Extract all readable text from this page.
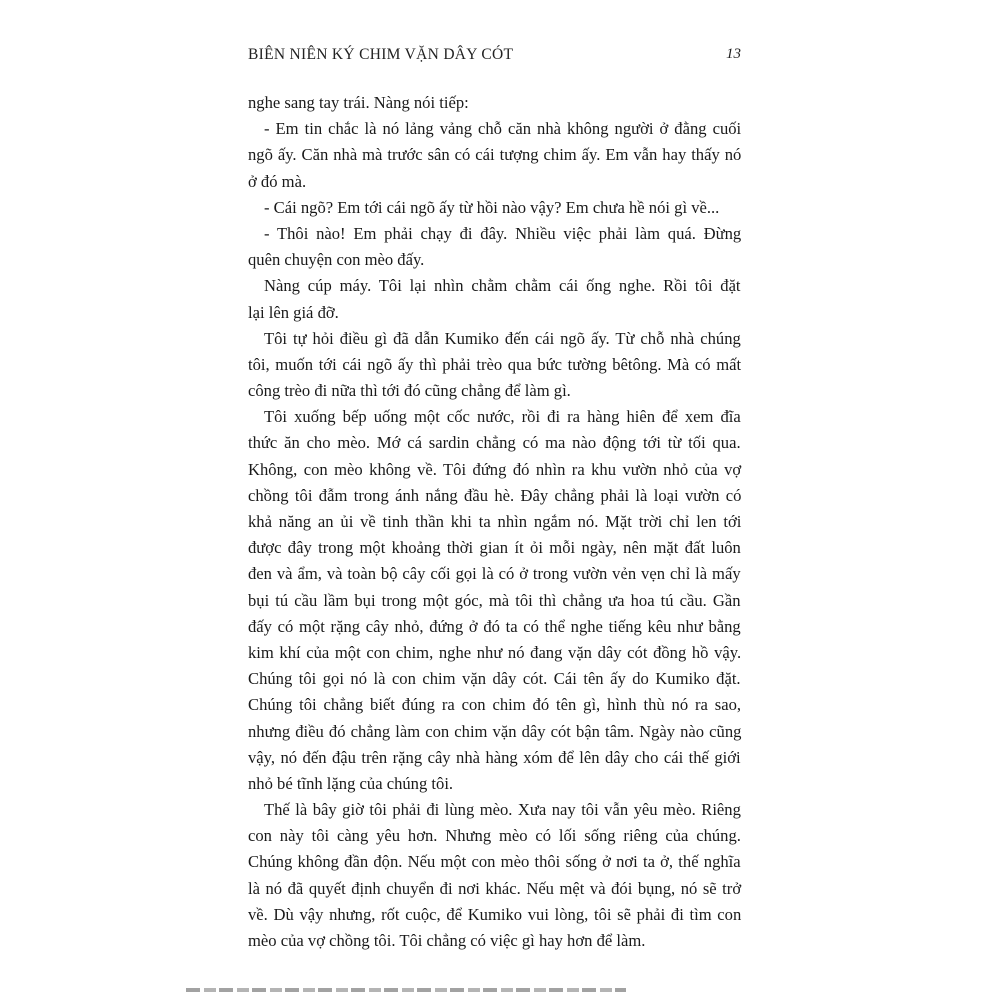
BIÊN NIÊN KÝ CHIM VẶN DÂY CÓT	13
nghe sang tay trái. Nàng nói tiếp:
- Em tin chắc là nó lảng vảng chỗ căn nhà không người ở đằng cuối
ngõ ấy. Căn nhà mà trước sân có cái tượng chim ấy. Em vẫn hay thấy nó
ở đó mà.
- Cái ngõ? Em tới cái ngõ ấy từ hồi nào vậy? Em chưa hề nói gì về...
- Thôi nào! Em phải chạy đi đây. Nhiều việc phải làm quá. Đừng
quên chuyện con mèo đấy.
Nàng cúp máy. Tôi lại nhìn chằm chằm cái ống nghe. Rồi tôi đặt
lại lên giá đỡ.
Tôi tự hỏi điều gì đã dẫn Kumiko đến cái ngõ ấy. Từ chỗ nhà chúng
tôi, muốn tới cái ngõ ấy thì phải trèo qua bức tường bêtông. Mà có mất
công trèo đi nữa thì tới đó cũng chẳng để làm gì.
Tôi xuống bếp uống một cốc nước, rồi đi ra hàng hiên để xem đĩa
thức ăn cho mèo. Mớ cá sardin chẳng có ma nào động tới từ tối qua.
Không, con mèo không về. Tôi đứng đó nhìn ra khu vườn nhỏ của vợ
chồng tôi đẫm trong ánh nắng đầu hè. Đây chẳng phải là loại vườn có
khả năng an ủi về tinh thần khi ta nhìn ngắm nó. Mặt trời chỉ len tới
được đây trong một khoảng thời gian ít ỏi mỗi ngày, nên mặt đất luôn
đen và ẩm, và toàn bộ cây cối gọi là có ở trong vườn vẻn vẹn chỉ là mấy
bụi tú cầu lầm bụi trong một góc, mà tôi thì chẳng ưa hoa tú cầu. Gần
đấy có một rặng cây nhỏ, đứng ở đó ta có thể nghe tiếng kêu như bằng
kim khí của một con chim, nghe như nó đang vặn dây cót đồng hồ vậy.
Chúng tôi gọi nó là con chim vặn dây cót. Cái tên ấy do Kumiko đặt.
Chúng tôi chẳng biết đúng ra con chim đó tên gì, hình thù nó ra sao,
nhưng điều đó chẳng làm con chim vặn dây cót bận tâm. Ngày nào cũng
vậy, nó đến đậu trên rặng cây nhà hàng xóm để lên dây cho cái thế giới
nhỏ bé tĩnh lặng của chúng tôi.
Thế là bây giờ tôi phải đi lùng mèo. Xưa nay tôi vẫn yêu mèo. Riêng
con này tôi càng yêu hơn. Nhưng mèo có lối sống riêng của chúng.
Chúng không đần độn. Nếu một con mèo thôi sống ở nơi ta ở, thế nghĩa
là nó đã quyết định chuyển đi nơi khác. Nếu mệt và đói bụng, nó sẽ trở
về. Dù vậy nhưng, rốt cuộc, để Kumiko vui lòng, tôi sẽ phải đi tìm con
mèo của vợ chồng tôi. Tôi chẳng có việc gì hay hơn để làm.
